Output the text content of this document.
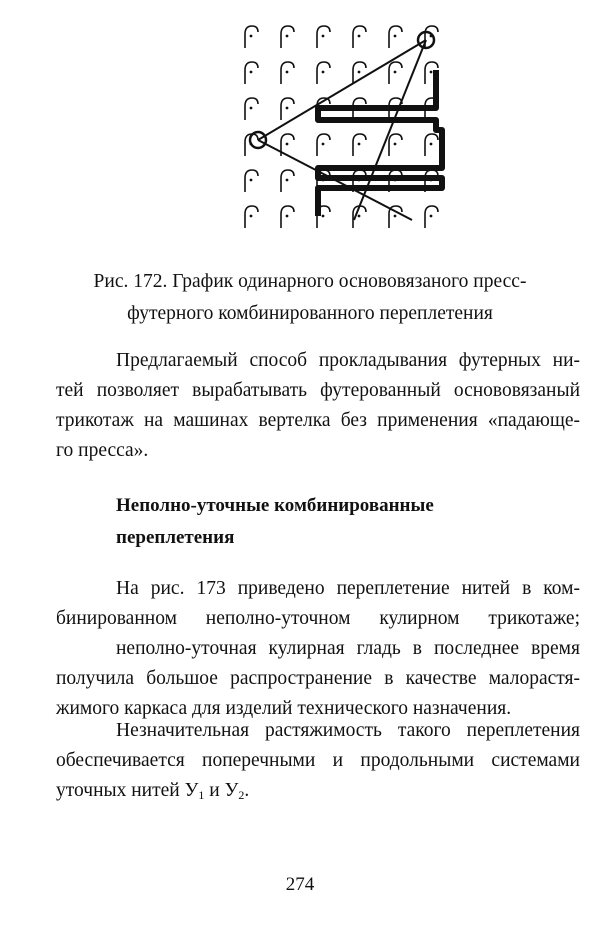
Рис. 172. График одинарного основовязаного пресс-
футерного комбинированного переплетения
Предлагаемый способ прокладывания футерных ни-
тей позволяет вырабатывать футерованный основовязаный
трикотаж на машинах вертелка без применения «падающе-
го пресса».
Неполно-уточные комбинированные
переплетения
На рис. 173 приведено переплетение нитей в ком-
бинированном неполно-уточном кулирном трикотаже;
неполно-уточная кулирная гладь в последнее время
получила большое распространение в качестве малорастя-
жимого каркаса для изделий технического назначения.
Незначительная растяжимость такого переплетения
обеспечивается поперечными и продольными системами
уточных нитей $У_1$ и $У_2$.
274
